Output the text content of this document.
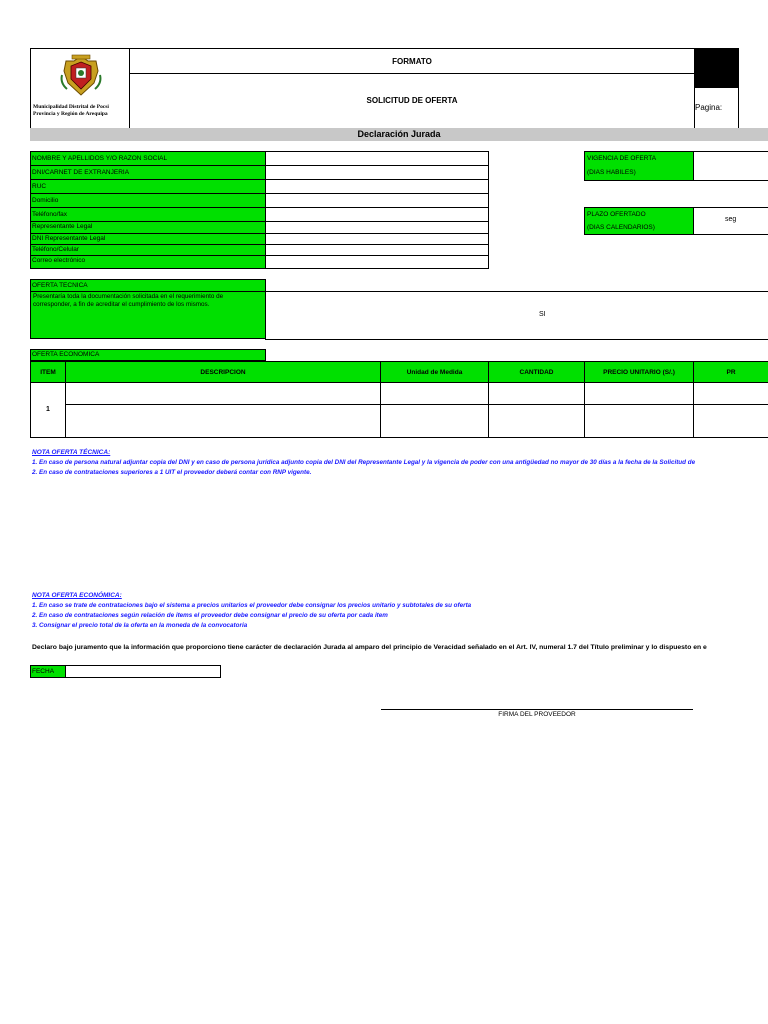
Municipalidad Distrital de Pocsi
Provincia y Región de Arequipa
FORMATO
SOLICITUD DE OFERTA
Pagina:
Declaración Jurada
NOMBRE Y APELLIDOS Y/O RAZON SOCIAL
DNI/CARNET DE EXTRANJERIA
RUC
Domicilio
Teléfono/fax
Representante Legal
DNI Representante Legal
Teléfono/Celular
Correo electrónico
VIGENCIA DE OFERTA
(DIAS HABILES)
PLAZO OFERTADO
(DIAS CALENDARIOS)
seg
OFERTA TECNICA
Presentaría toda la documentación solicitada en el requerimiento de corresponder, a fin de acreditar el cumplimiento de los mismos.
SI
OFERTA ECONOMICA
ITEM	DESCRIPCION	Unidad de Medida	CANTIDAD	PRECIO UNITARIO (S/.)	PR
1
NOTA OFERTA TÉCNICA:
1. En caso de persona natural adjuntar copia del DNI y en caso de persona jurídica adjunto copia del DNI del Representante Legal y la vigencia de poder con una antigüedad no mayor de 30 días a la fecha de la Solicitud de
2. En caso de contrataciones superiores a 1 UIT el proveedor deberá contar con RNP vigente.
NOTA OFERTA ECONÓMICA:
1. En caso se trate de contrataciones bajo el sistema a precios unitarios el proveedor debe consignar los precios unitario y subtotales de su oferta
2. En caso de contrataciones según relación de items el proveedor debe consignar el precio de su oferta por cada item
3. Consignar el precio total de la oferta en la moneda de la convocatoria
Declaro bajo juramento que la información que proporciono tiene carácter de declaración Jurada al amparo del principio de Veracidad señalado en el Art. IV, numeral 1.7 del Título preliminar y lo dispuesto en e
FECHA
FIRMA DEL PROVEEDOR
